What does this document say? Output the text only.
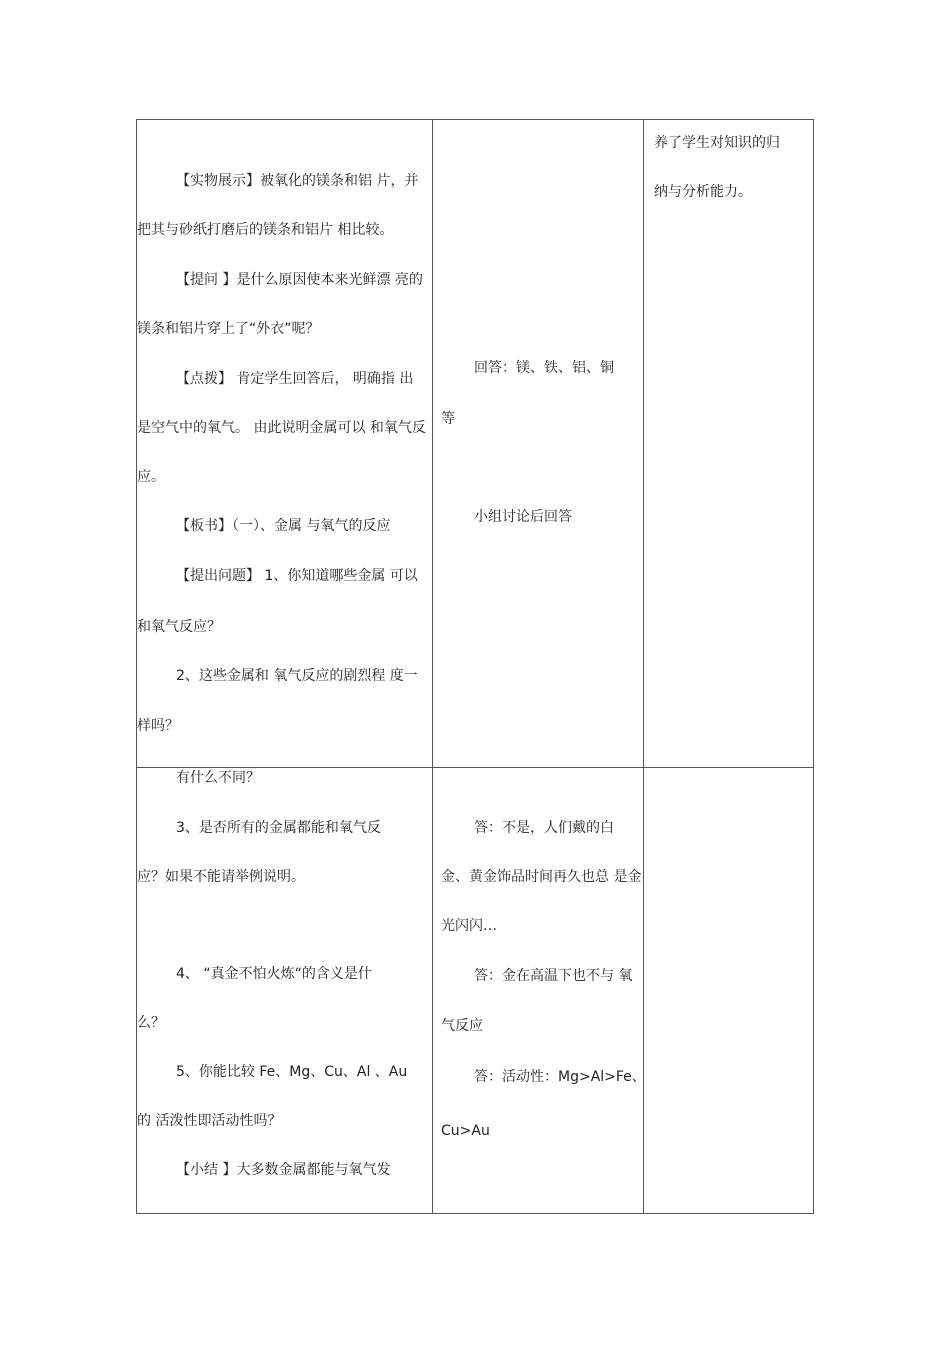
【实物展示】被氧化的镁条和铝 片，并
把其与砂纸打磨后的镁条和铝片 相比较。
【提问 】是什么原因使本来光鲜漂 亮的
镁条和铝片穿上了“外衣”呢？
【点拨】 肯定学生回答后， 明确指 出
是空气中的氧气。 由此说明金属可以 和氧气反
应。
【板书】（一）、金属 与氧气的反应
【提出问题】 1、你知道哪些金属 可以
和氧气反应？
2、这些金属和 氧气反应的剧烈程 度一
样吗？
回答：镁、铁、铝、铜
等
小组讨论后回答
养了学生对知识的归
纳与分析能力。
有什么不同？
3、是否所有的金属都能和氧气反
应？如果不能请举例说明。
4、 “真金不怕火炼“的含义是什
么？
5、你能比较 Fe、Mg、Cu、Al 、Au
的 活泼性即活动性吗？
【小结 】大多数金属都能与氧气发
答：不是，人们戴的白
金、黄金饰品时间再久也总 是金
光闪闪…
答：金在高温下也不与 氧
气反应
答：活动性：Mg>Al>Fe、
Cu>Au
